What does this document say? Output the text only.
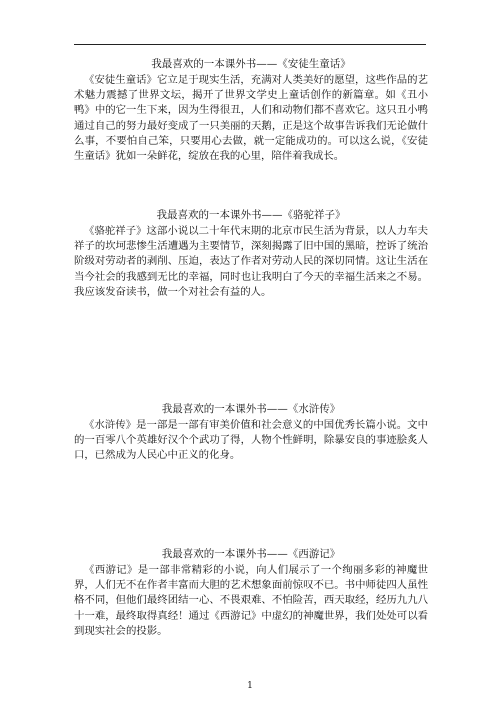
我最喜欢的一本课外书——《安徒生童话》

《安徒生童话》它立足于现实生活，充满对人类美好的愿望，这些作品的艺术魅力震撼了世界文坛，揭开了世界文学史上童话创作的新篇章。如《丑小鸭》中的它一生下来，因为生得很丑，人们和动物们都不喜欢它。这只丑小鸭通过自己的努力最好变成了一只美丽的天鹅，正是这个故事告诉我们无论做什么事，不要怕自己笨，只要用心去做，就一定能成功的。可以这么说，《安徒生童话》犹如一朵鲜花，绽放在我的心里，陪伴着我成长。

我最喜欢的一本课外书——《骆驼祥子》

《骆驼祥子》这部小说以二十年代末期的北京市民生活为背景，以人力车夫祥子的坎坷悲惨生活遭遇为主要情节，深刻揭露了旧中国的黑暗，控诉了统治阶级对劳动者的剥削、压迫，表达了作者对劳动人民的深切同情。这让生活在当今社会的我感到无比的幸福，同时也让我明白了今天的幸福生活来之不易。我应该发奋读书，做一个对社会有益的人。

我最喜欢的一本课外书——《水浒传》

《水浒传》是一部是一部有审美价值和社会意义的中国优秀长篇小说。文中的一百零八个英雄好汉个个武功了得，人物个性鲜明，除暴安良的事迹脍炙人口，已然成为人民心中正义的化身。

我最喜欢的一本课外书——《西游记》

《西游记》是一部非常精彩的小说，向人们展示了一个绚丽多彩的神魔世界，人们无不在作者丰富而大胆的艺术想象面前惊叹不已。书中师徒四人虽性格不同，但他们最终团结一心、不畏艰难、不怕险苦，西天取经，经历九九八十一难，最终取得真经！通过《西游记》中虚幻的神魔世界，我们处处可以看到现实社会的投影。

1
